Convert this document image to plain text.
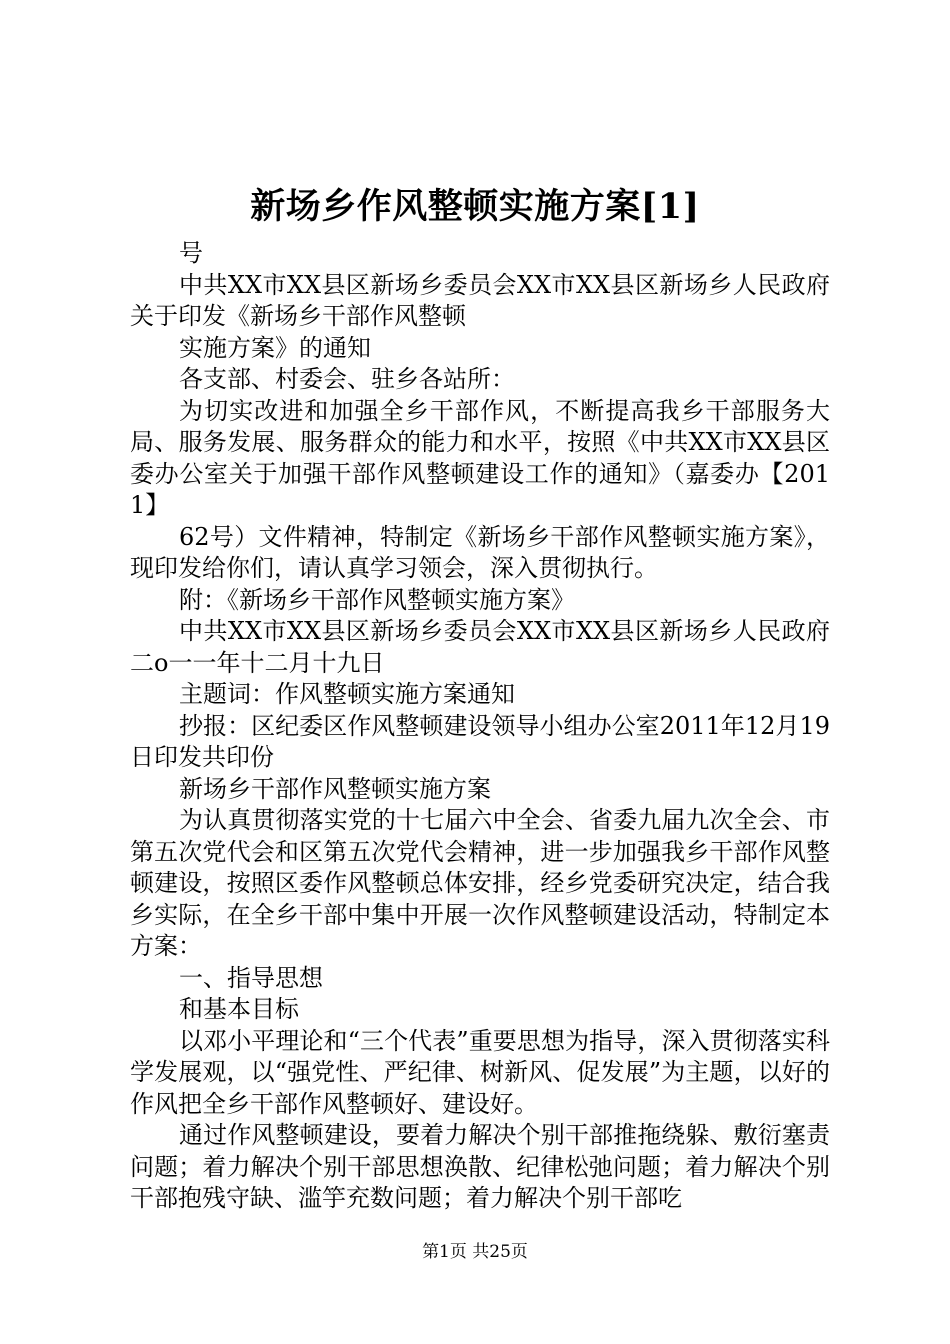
新场乡作风整顿实施方案[1]

号

中共XX市XX县区新场乡委员会XX市XX县区新场乡人民政府关于印发《新场乡干部作风整顿

实施方案》的通知

各支部、村委会、驻乡各站所：

为切实改进和加强全乡干部作风，不断提高我乡干部服务大局、服务发展、服务群众的能力和水平，按照《中共XX市XX县区委办公室关于加强干部作风整顿建设工作的通知》（嘉委办【2011】

62号）文件精神，特制定《新场乡干部作风整顿实施方案》，现印发给你们，请认真学习领会，深入贯彻执行。

附：《新场乡干部作风整顿实施方案》

中共XX市XX县区新场乡委员会XX市XX县区新场乡人民政府二o一一年十二月十九日

主题词：作风整顿实施方案通知

抄报：区纪委区作风整顿建设领导小组办公室2011年12月19日印发共印份

新场乡干部作风整顿实施方案

为认真贯彻落实党的十七届六中全会、省委九届九次全会、市第五次党代会和区第五次党代会精神，进一步加强我乡干部作风整顿建设，按照区委作风整顿总体安排，经乡党委研究决定，结合我乡实际，在全乡干部中集中开展一次作风整顿建设活动，特制定本方案：

一、指导思想

和基本目标

以邓小平理论和“三个代表”重要思想为指导，深入贯彻落实科学发展观，以“强党性、严纪律、树新风、促发展”为主题，以好的作风把全乡干部作风整顿好、建设好。

通过作风整顿建设，要着力解决个别干部推拖绕躲、敷衍塞责问题；着力解决个别干部思想涣散、纪律松弛问题；着力解决个别干部抱残守缺、滥竽充数问题；着力解决个别干部吃

第1页 共25页
